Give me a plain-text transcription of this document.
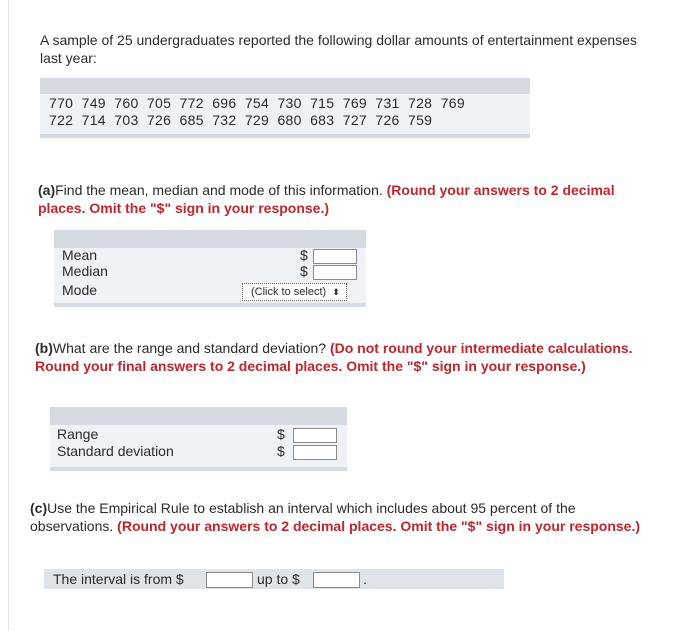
A sample of 25 undergraduates reported the following dollar amounts of entertainment expenses last year:
770  749  760  705  772  696  754  730  715  769  731  728  769
722  714  703  726  685  732  729  680  683  727  726  759
(a)Find the mean, median and mode of this information. (Round your answers to 2 decimal places. Omit the "$" sign in your response.)
Mean	$
Median	$
Mode	(Click to select) ⬍
(b)What are the range and standard deviation? (Do not round your intermediate calculations. Round your final answers to 2 decimal places. Omit the "$" sign in your response.)
Range	$
Standard deviation	$
(c)Use the Empirical Rule to establish an interval which includes about 95 percent of the observations. (Round your answers to 2 decimal places. Omit the "$" sign in your response.)
The interval is from $	up to $	.
